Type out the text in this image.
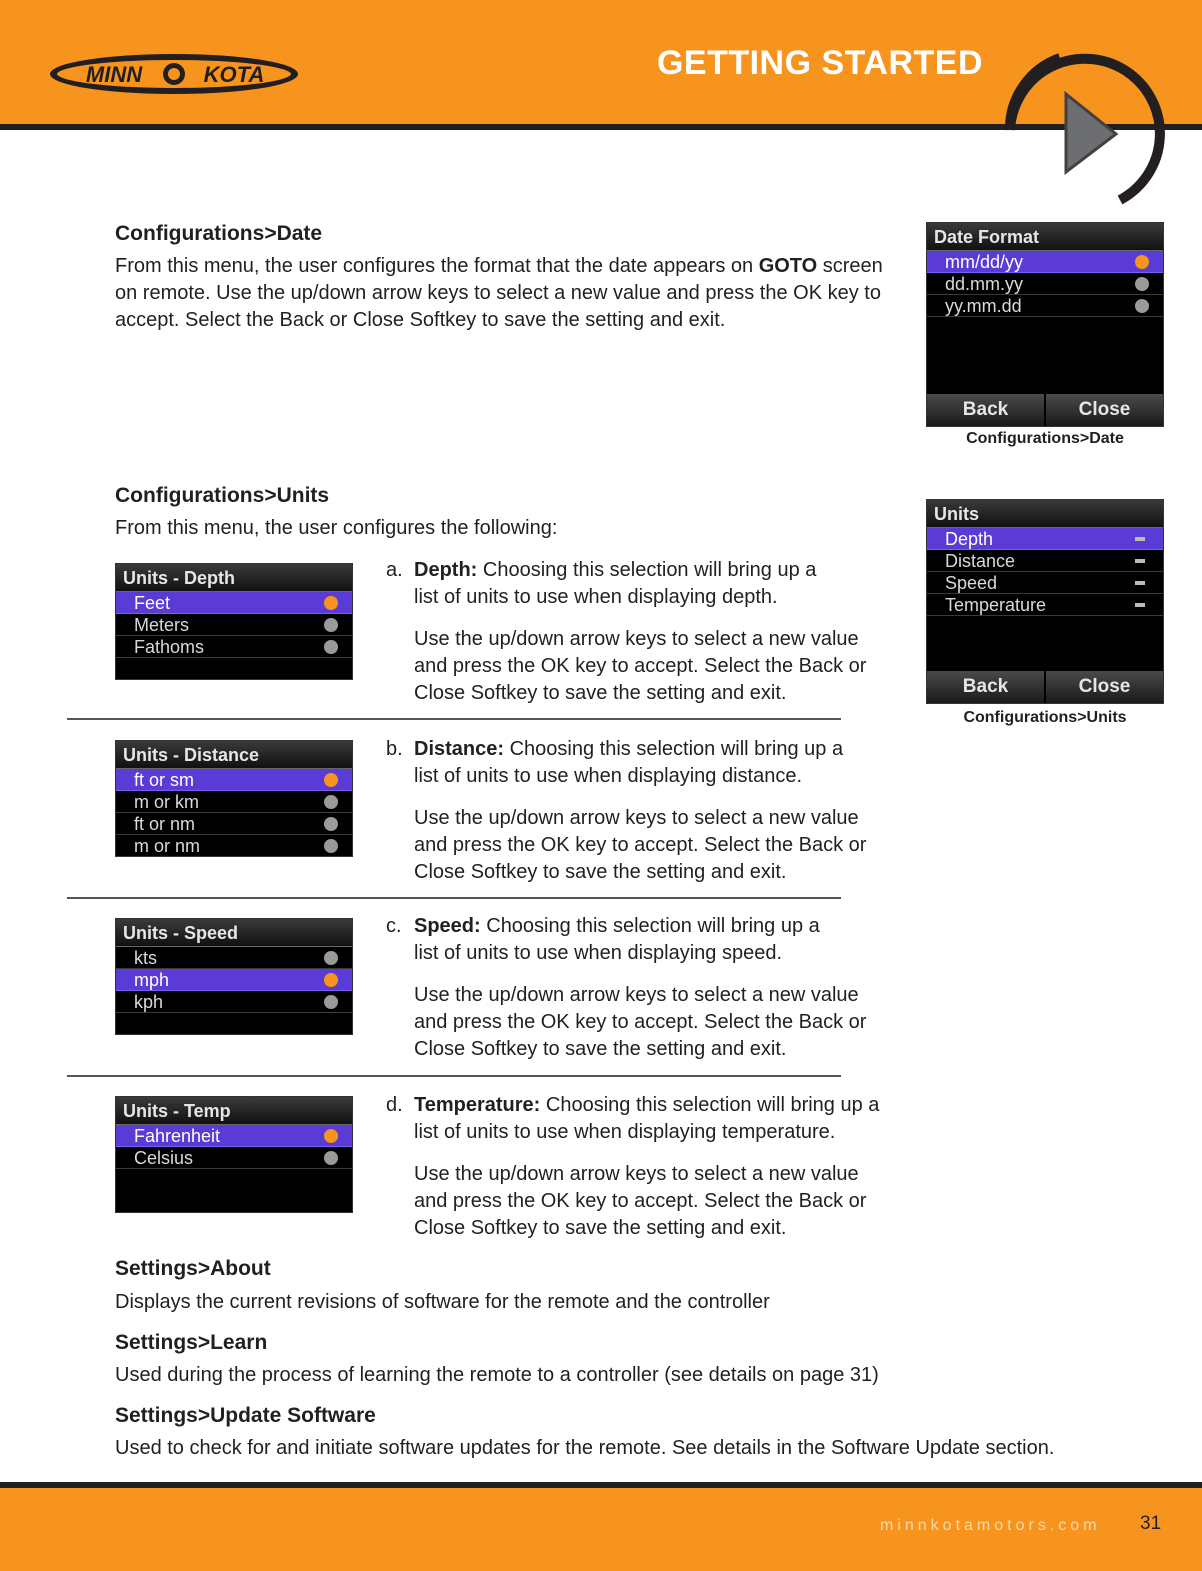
MINN	KOTA	GETTING STARTED
Configurations>Date

From this menu, the user configures the format that the date appears on GOTO screen on remote. Use the up/down arrow keys to select a new value and press the OK key to accept. Select the Back or Close Softkey to save the setting and exit.

Date Format
mm/dd/yy
dd.mm.yy
yy.mm.dd
Back	Close
Configurations>Date
Configurations>Units

From this menu, the user configures the following:

Units
Depth
Distance
Speed
Temperature
Back	Close
Configurations>Units
Units - Depth
Feet
Meters
Fathoms
a. Depth: Choosing this selection will bring up a list of units to use when displaying depth.

Use the up/down arrow keys to select a new value and press the OK key to accept. Select the Back or Close Softkey to save the setting and exit.

Units - Distance
ft or sm
m or km
ft or nm
m or nm
b. Distance: Choosing this selection will bring up a list of units to use when displaying distance.

Use the up/down arrow keys to select a new value and press the OK key to accept. Select the Back or Close Softkey to save the setting and exit.

Units - Speed
kts
mph
kph
c. Speed: Choosing this selection will bring up a list of units to use when displaying speed.

Use the up/down arrow keys to select a new value and press the OK key to accept. Select the Back or Close Softkey to save the setting and exit.

Units - Temp
Fahrenheit
Celsius
d. Temperature: Choosing this selection will bring up a list of units to use when displaying temperature.

Use the up/down arrow keys to select a new value and press the OK key to accept. Select the Back or Close Softkey to save the setting and exit.

Settings>About

Displays the current revisions of software for the remote and the controller

Settings>Learn

Used during the process of learning the remote to a controller (see details on page 31)

Settings>Update Software

Used to check for and initiate software updates for the remote. See details in the Software Update section.

minnkotamotors.com 31
